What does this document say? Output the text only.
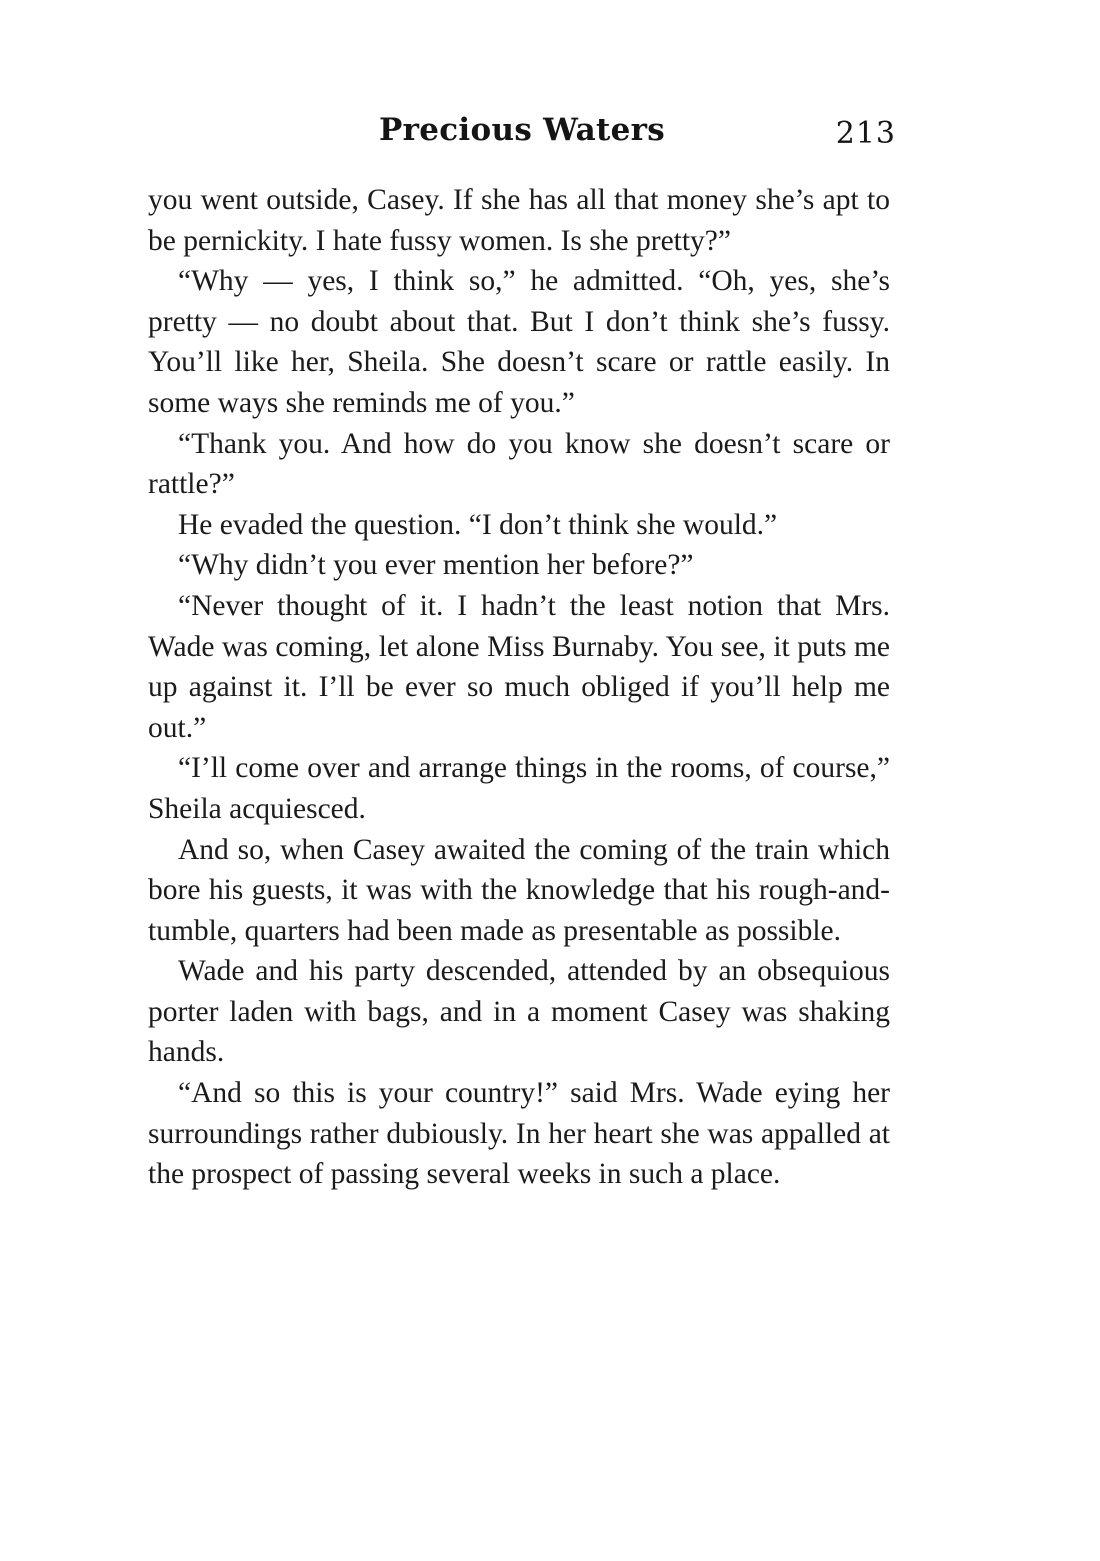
Precious Waters	213

you went outside, Casey. If she has all that money she’s apt to be pernickity. I hate fussy women. Is she pretty?”

“Why — yes, I think so,” he admitted. “Oh, yes, she’s pretty — no doubt about that. But I don’t think she’s fussy. You’ll like her, Sheila. She doesn’t scare or rattle easily. In some ways she reminds me of you.”

“Thank you. And how do you know she doesn’t scare or rattle?”

He evaded the question. “I don’t think she would.”

“Why didn’t you ever mention her before?”

“Never thought of it. I hadn’t the least notion that Mrs. Wade was coming, let alone Miss Burnaby. You see, it puts me up against it. I’ll be ever so much obliged if you’ll help me out.”

“I’ll come over and arrange things in the rooms, of course,” Sheila acquiesced.

And so, when Casey awaited the coming of the train which bore his guests, it was with the knowledge that his rough-and-tumble, quarters had been made as presentable as possible.

Wade and his party descended, attended by an obsequious porter laden with bags, and in a moment Casey was shaking hands.

“And so this is your country!” said Mrs. Wade eying her surroundings rather dubiously. In her heart she was appalled at the prospect of passing several weeks in such a place.
